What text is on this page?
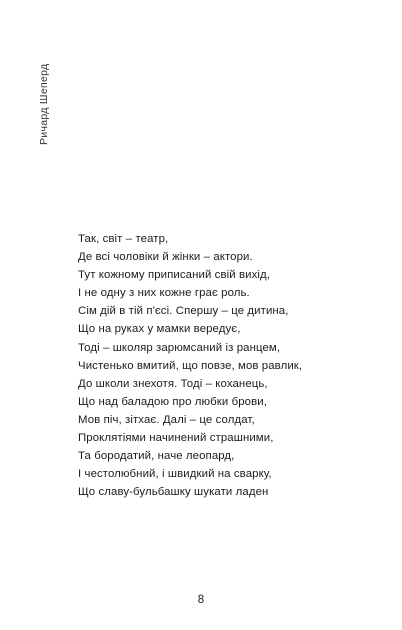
Ричард Шеперд
Так, світ – театр,
Де всі чоловіки й жінки – актори.
Тут кожному приписаний свій вихід,
І не одну з них кожне грає роль.
Сім дій в тій п'єсі. Спершу – це дитина,
Що на руках у мамки вередує,
Тоді – школяр зарюмсаний із ранцем,
Чистенько вмитий, що повзе, мов равлик,
До школи знехотя. Тоді – коханець,
Що над баладою про любки брови,
Мов піч, зітхає. Далі – це солдат,
Проклятіями начинений страшними,
Та бородатий, наче леопард,
І честолюбний, і швидкий на сварку,
Що славу-бульбашку шукати ладен
8
